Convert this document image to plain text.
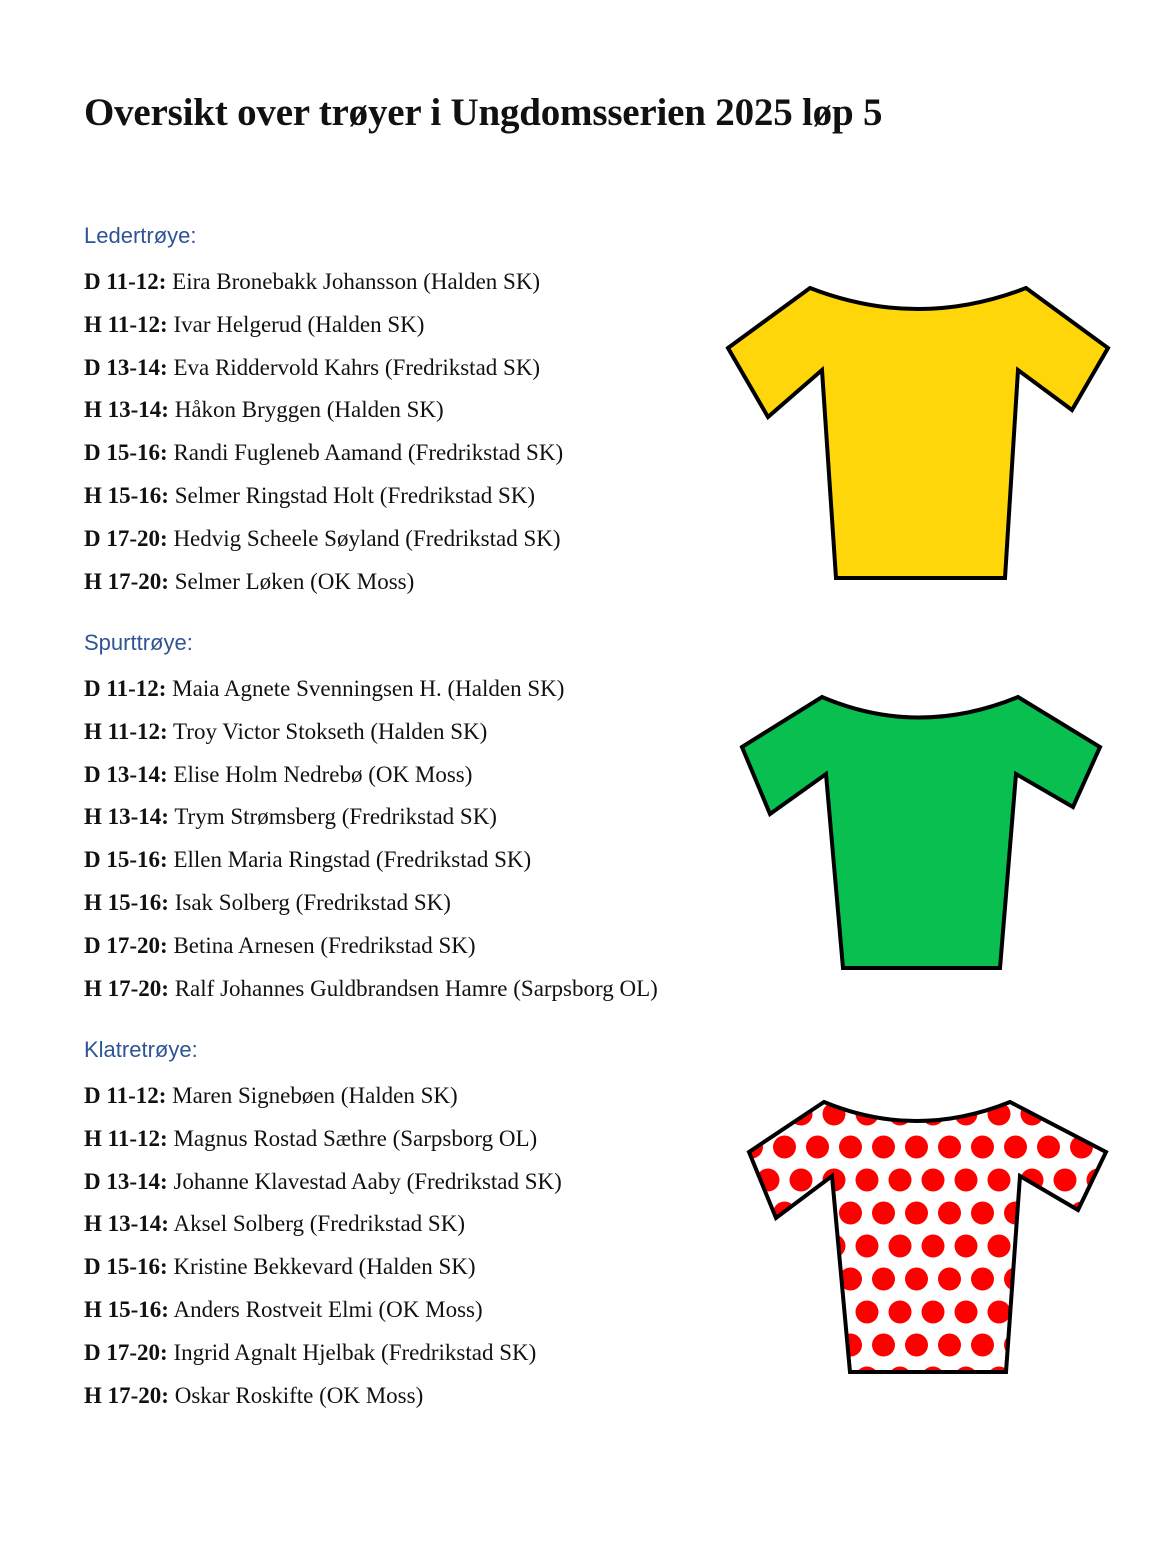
Oversikt over trøyer i Ungdomsserien 2025 løp 5
Ledertrøye:
D 11-12: Eira Bronebakk Johansson (Halden SK)
H 11-12: Ivar Helgerud (Halden SK)
D 13-14: Eva Riddervold Kahrs (Fredrikstad SK)
H 13-14: Håkon Bryggen (Halden SK)
D 15-16: Randi Fugleneb Aamand (Fredrikstad SK)
H 15-16: Selmer Ringstad Holt (Fredrikstad SK)
D 17-20: Hedvig Scheele Søyland (Fredrikstad SK)
H 17-20: Selmer Løken (OK Moss)
Spurttrøye:
D 11-12: Maia Agnete Svenningsen H. (Halden SK)
H 11-12: Troy Victor Stokseth (Halden SK)
D 13-14: Elise Holm Nedrebø (OK Moss)
H 13-14: Trym Strømsberg (Fredrikstad SK)
D 15-16: Ellen Maria Ringstad (Fredrikstad SK)
H 15-16: Isak Solberg (Fredrikstad SK)
D 17-20: Betina Arnesen (Fredrikstad SK)
H 17-20: Ralf Johannes Guldbrandsen Hamre (Sarpsborg OL)
Klatretrøye:
D 11-12: Maren Signebøen (Halden SK)
H 11-12: Magnus Rostad Sæthre (Sarpsborg OL)
D 13-14: Johanne Klavestad Aaby (Fredrikstad SK)
H 13-14: Aksel Solberg (Fredrikstad SK)
D 15-16: Kristine Bekkevard (Halden SK)
H 15-16: Anders Rostveit Elmi (OK Moss)
D 17-20: Ingrid Agnalt Hjelbak (Fredrikstad SK)
H 17-20: Oskar Roskifte (OK Moss)
